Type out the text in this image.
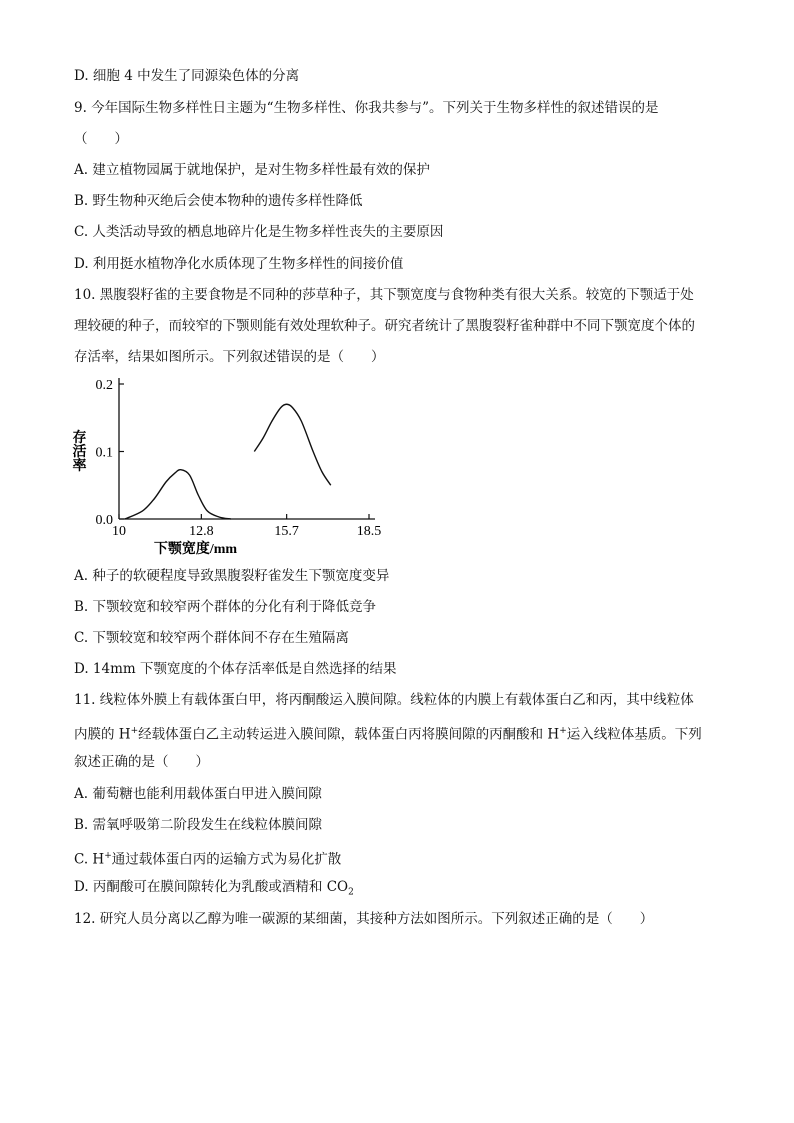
D. 细胞 4 中发生了同源染色体的分离
9. 今年国际生物多样性日主题为“生物多样性、你我共参与”。下列关于生物多样性的叙述错误的是
（　　）
A. 建立植物园属于就地保护，是对生物多样性最有效的保护
B. 野生物种灭绝后会使本物种的遗传多样性降低
C. 人类活动导致的栖息地碎片化是生物多样性丧失的主要原因
D. 利用挺水植物净化水质体现了生物多样性的间接价值
10. 黑腹裂籽雀的主要食物是不同种的莎草种子，其下颚宽度与食物种类有很大关系。较宽的下颚适于处
理较硬的种子，而较窄的下颚则能有效处理软种子。研究者统计了黑腹裂籽雀种群中不同下颚宽度个体的
存活率，结果如图所示。下列叙述错误的是（　　）
0.0
0.1
0.2
10	12.8	15.7	18.5
下颚宽度/mm
存活率
A. 种子的软硬程度导致黑腹裂籽雀发生下颚宽度变异
B. 下颚较宽和较窄两个群体的分化有利于降低竞争
C. 下颚较宽和较窄两个群体间不存在生殖隔离
D. 14mm 下颚宽度的个体存活率低是自然选择的结果
11. 线粒体外膜上有载体蛋白甲，将丙酮酸运入膜间隙。线粒体的内膜上有载体蛋白乙和丙，其中线粒体
内膜的 H+经载体蛋白乙主动转运进入膜间隙，载体蛋白丙将膜间隙的丙酮酸和 H+运入线粒体基质。下列
叙述正确的是（　　）
A. 葡萄糖也能利用载体蛋白甲进入膜间隙
B. 需氧呼吸第二阶段发生在线粒体膜间隙
C. H+通过载体蛋白丙的运输方式为易化扩散
D. 丙酮酸可在膜间隙转化为乳酸或酒精和 $CO_2$
12. 研究人员分离以乙醇为唯一碳源的某细菌，其接种方法如图所示。下列叙述正确的是（　　）
